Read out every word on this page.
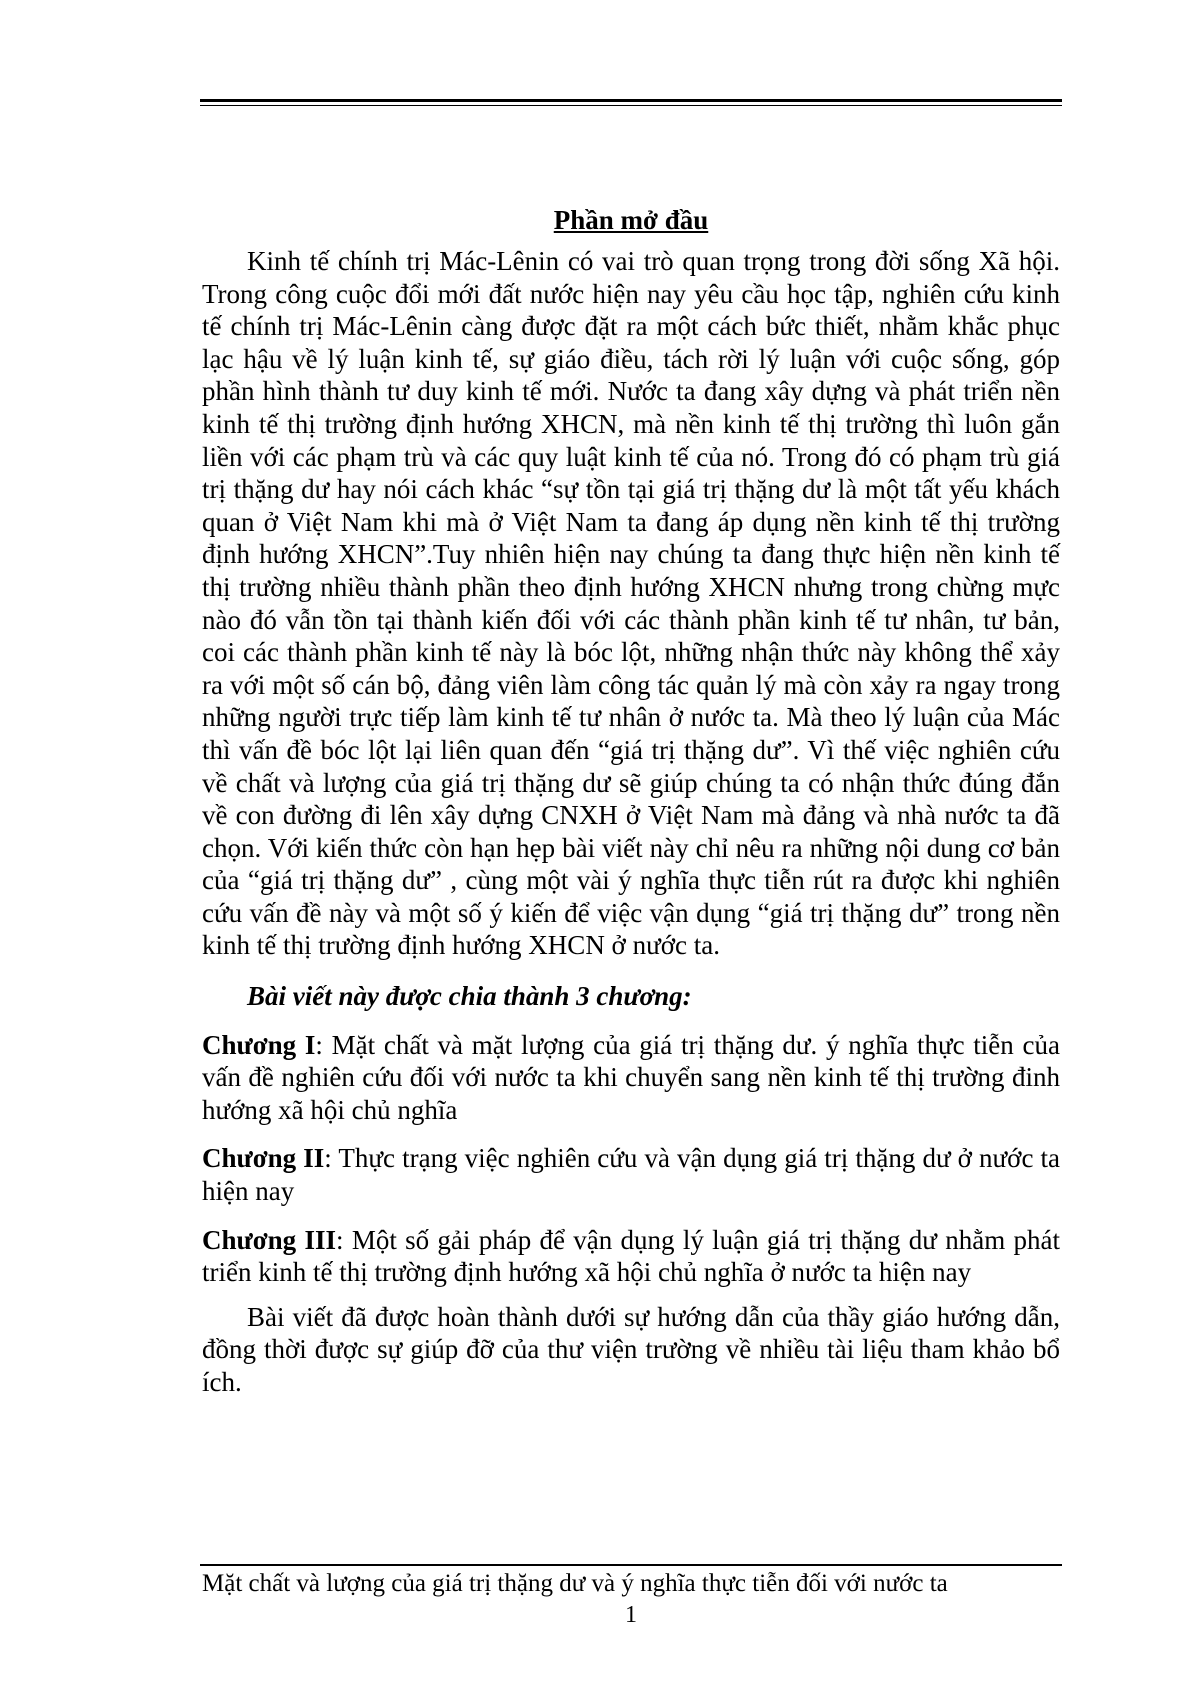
Phần mở đầu

Kinh tế chính trị Mác-Lênin có vai trò quan trọng trong đời sống Xã hội. Trong công cuộc đổi mới đất nước hiện nay yêu cầu học tập, nghiên cứu kinh tế chính trị Mác-Lênin càng được đặt ra một cách bức thiết, nhằm khắc phục lạc hậu về lý luận kinh tế, sự giáo điều, tách rời lý luận với cuộc sống, góp phần hình thành tư duy kinh tế mới. Nước ta đang xây dựng và phát triển nền kinh tế thị trường định hướng XHCN, mà nền kinh tế thị trường thì luôn gắn liền với các phạm trù và các quy luật kinh tế của nó. Trong đó có phạm trù giá trị thặng dư hay nói cách khác “sự tồn tại giá trị thặng dư là một tất yếu khách quan ở Việt Nam khi mà ở Việt Nam ta đang áp dụng nền kinh tế thị trường định hướng XHCN”.Tuy nhiên hiện nay chúng ta đang thực hiện nền kinh tế thị trường nhiều thành phần theo định hướng XHCN nhưng trong chừng mực nào đó vẫn tồn tại thành kiến đối với các thành phần kinh tế tư nhân, tư bản, coi các thành phần kinh tế này là bóc lột, những nhận thức này không thể xảy ra với một số cán bộ, đảng viên làm công tác quản lý mà còn xảy ra ngay trong những người trực tiếp làm kinh tế tư nhân ở nước ta. Mà theo lý luận của Mác thì vấn đề bóc lột lại liên quan đến “giá trị thặng dư”. Vì thế việc nghiên cứu về chất và lượng của giá trị thặng dư sẽ giúp chúng ta có nhận thức đúng đắn về con đường đi lên xây dựng CNXH ở Việt Nam mà đảng và nhà nước ta đã chọn. Với kiến thức còn hạn hẹp bài viết này chỉ nêu ra những nội dung cơ bản của “giá trị thặng dư” , cùng một vài ý nghĩa thực tiễn rút ra được khi nghiên cứu vấn đề này và một số ý kiến để việc vận dụng “giá trị thặng dư” trong nền kinh tế thị trường định hướng XHCN ở nước ta.

Bài viết này được chia thành 3 chương:

Chương I: Mặt chất và mặt lượng của giá trị thặng dư. ý nghĩa thực tiễn của vấn đề nghiên cứu đối với nước ta khi chuyển sang nền kinh tế thị trường đinh hướng xã hội chủ nghĩa

Chương II: Thực trạng việc nghiên cứu và vận dụng giá trị thặng dư ở nước ta hiện nay

Chương III: Một số gải pháp để vận dụng lý luận giá trị thặng dư nhằm phát triển kinh tế thị trường định hướng xã hội chủ nghĩa ở nước ta hiện nay

Bài viết đã được hoàn thành dưới sự hướng dẫn của thầy giáo hướng dẫn, đồng thời được sự giúp đỡ của thư viện trường về nhiều tài liệu tham khảo bổ ích.

Mặt chất và lượng của giá trị thặng dư và ý nghĩa thực tiễn đối với nước ta
1
